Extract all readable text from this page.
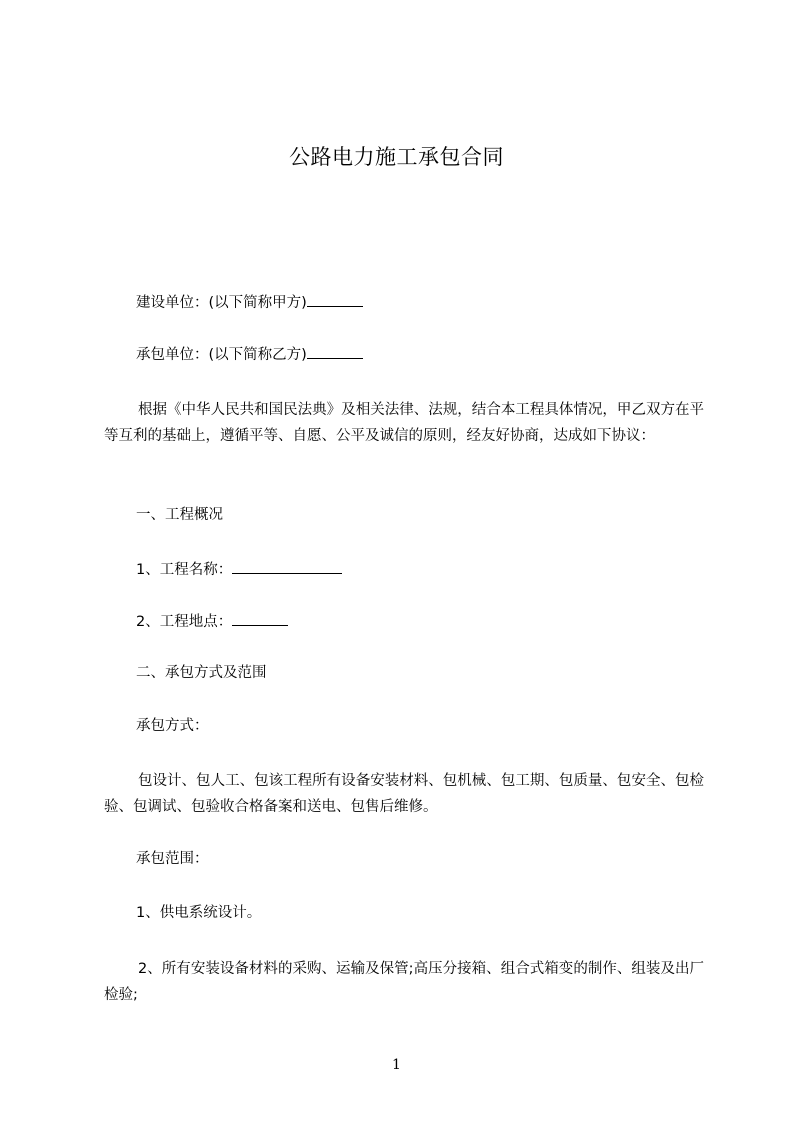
公路电力施工承包合同
建设单位：(以下简称甲方)
承包单位：(以下简称乙方)
根据《中华人民共和国民法典》及相关法律、法规，结合本工程具体情况，甲乙双方在平等互利的基础上，遵循平等、自愿、公平及诚信的原则，经友好协商，达成如下协议：
一、工程概况
1、工程名称：
2、工程地点：
二、承包方式及范围
承包方式：
包设计、包人工、包该工程所有设备安装材料、包机械、包工期、包质量、包安全、包检验、包调试、包验收合格备案和送电、包售后维修。
承包范围：
1、供电系统设计。
2、所有安装设备材料的采购、运输及保管;高压分接箱、组合式箱变的制作、组装及出厂检验;
1
